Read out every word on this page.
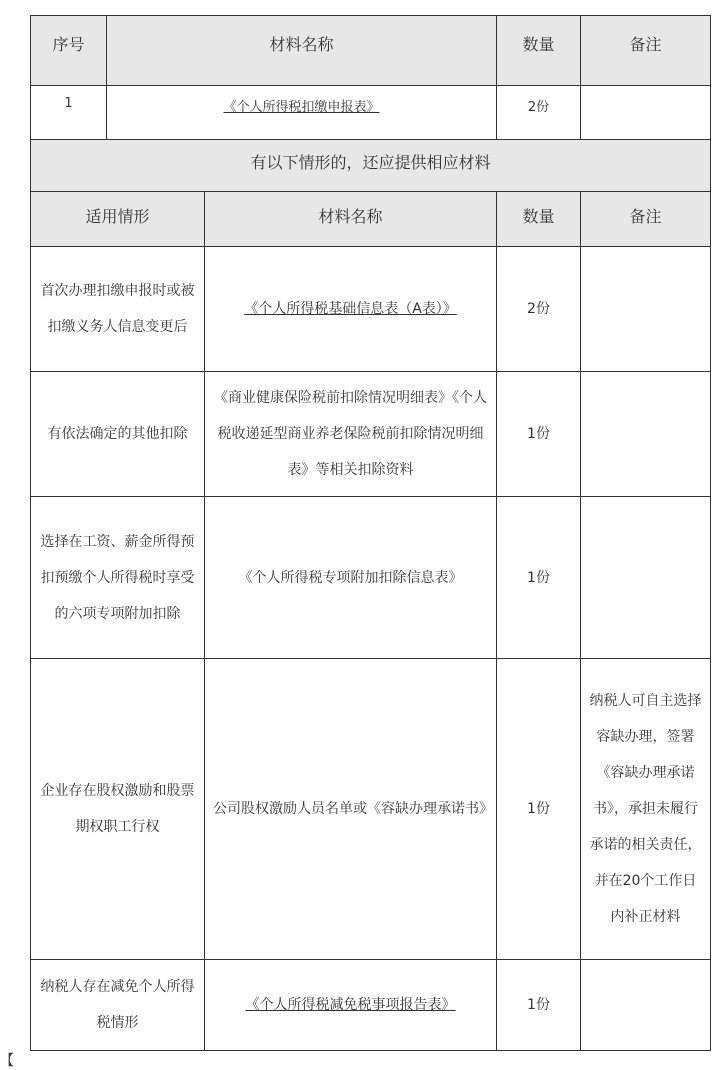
序号	材料名称		数量	备注
1	《个人所得税扣缴申报表》		2份	
有以下情形的，还应提供相应材料				
适用情形		材料名称	数量	备注
首次办理扣缴申报时或被扣缴义务人信息变更后		《个人所得税基础信息表（A表）》	2份	
有依法确定的其他扣除		《商业健康保险税前扣除情况明细表》《个人税收递延型商业养老保险税前扣除情况明细表》等相关扣除资料	1份	
选择在工资、薪金所得预扣预缴个人所得税时享受的六项专项附加扣除		《个人所得税专项附加扣除信息表》	1份	
企业存在股权激励和股票期权职工行权		公司股权激励人员名单或《容缺办理承诺书》	1份	纳税人可自主选择容缺办理，签署《容缺办理承诺书》，承担未履行承诺的相关责任，并在20个工作日内补正材料
纳税人存在减免个人所得税情形		《个人所得税减免税事项报告表》	1份	
【
